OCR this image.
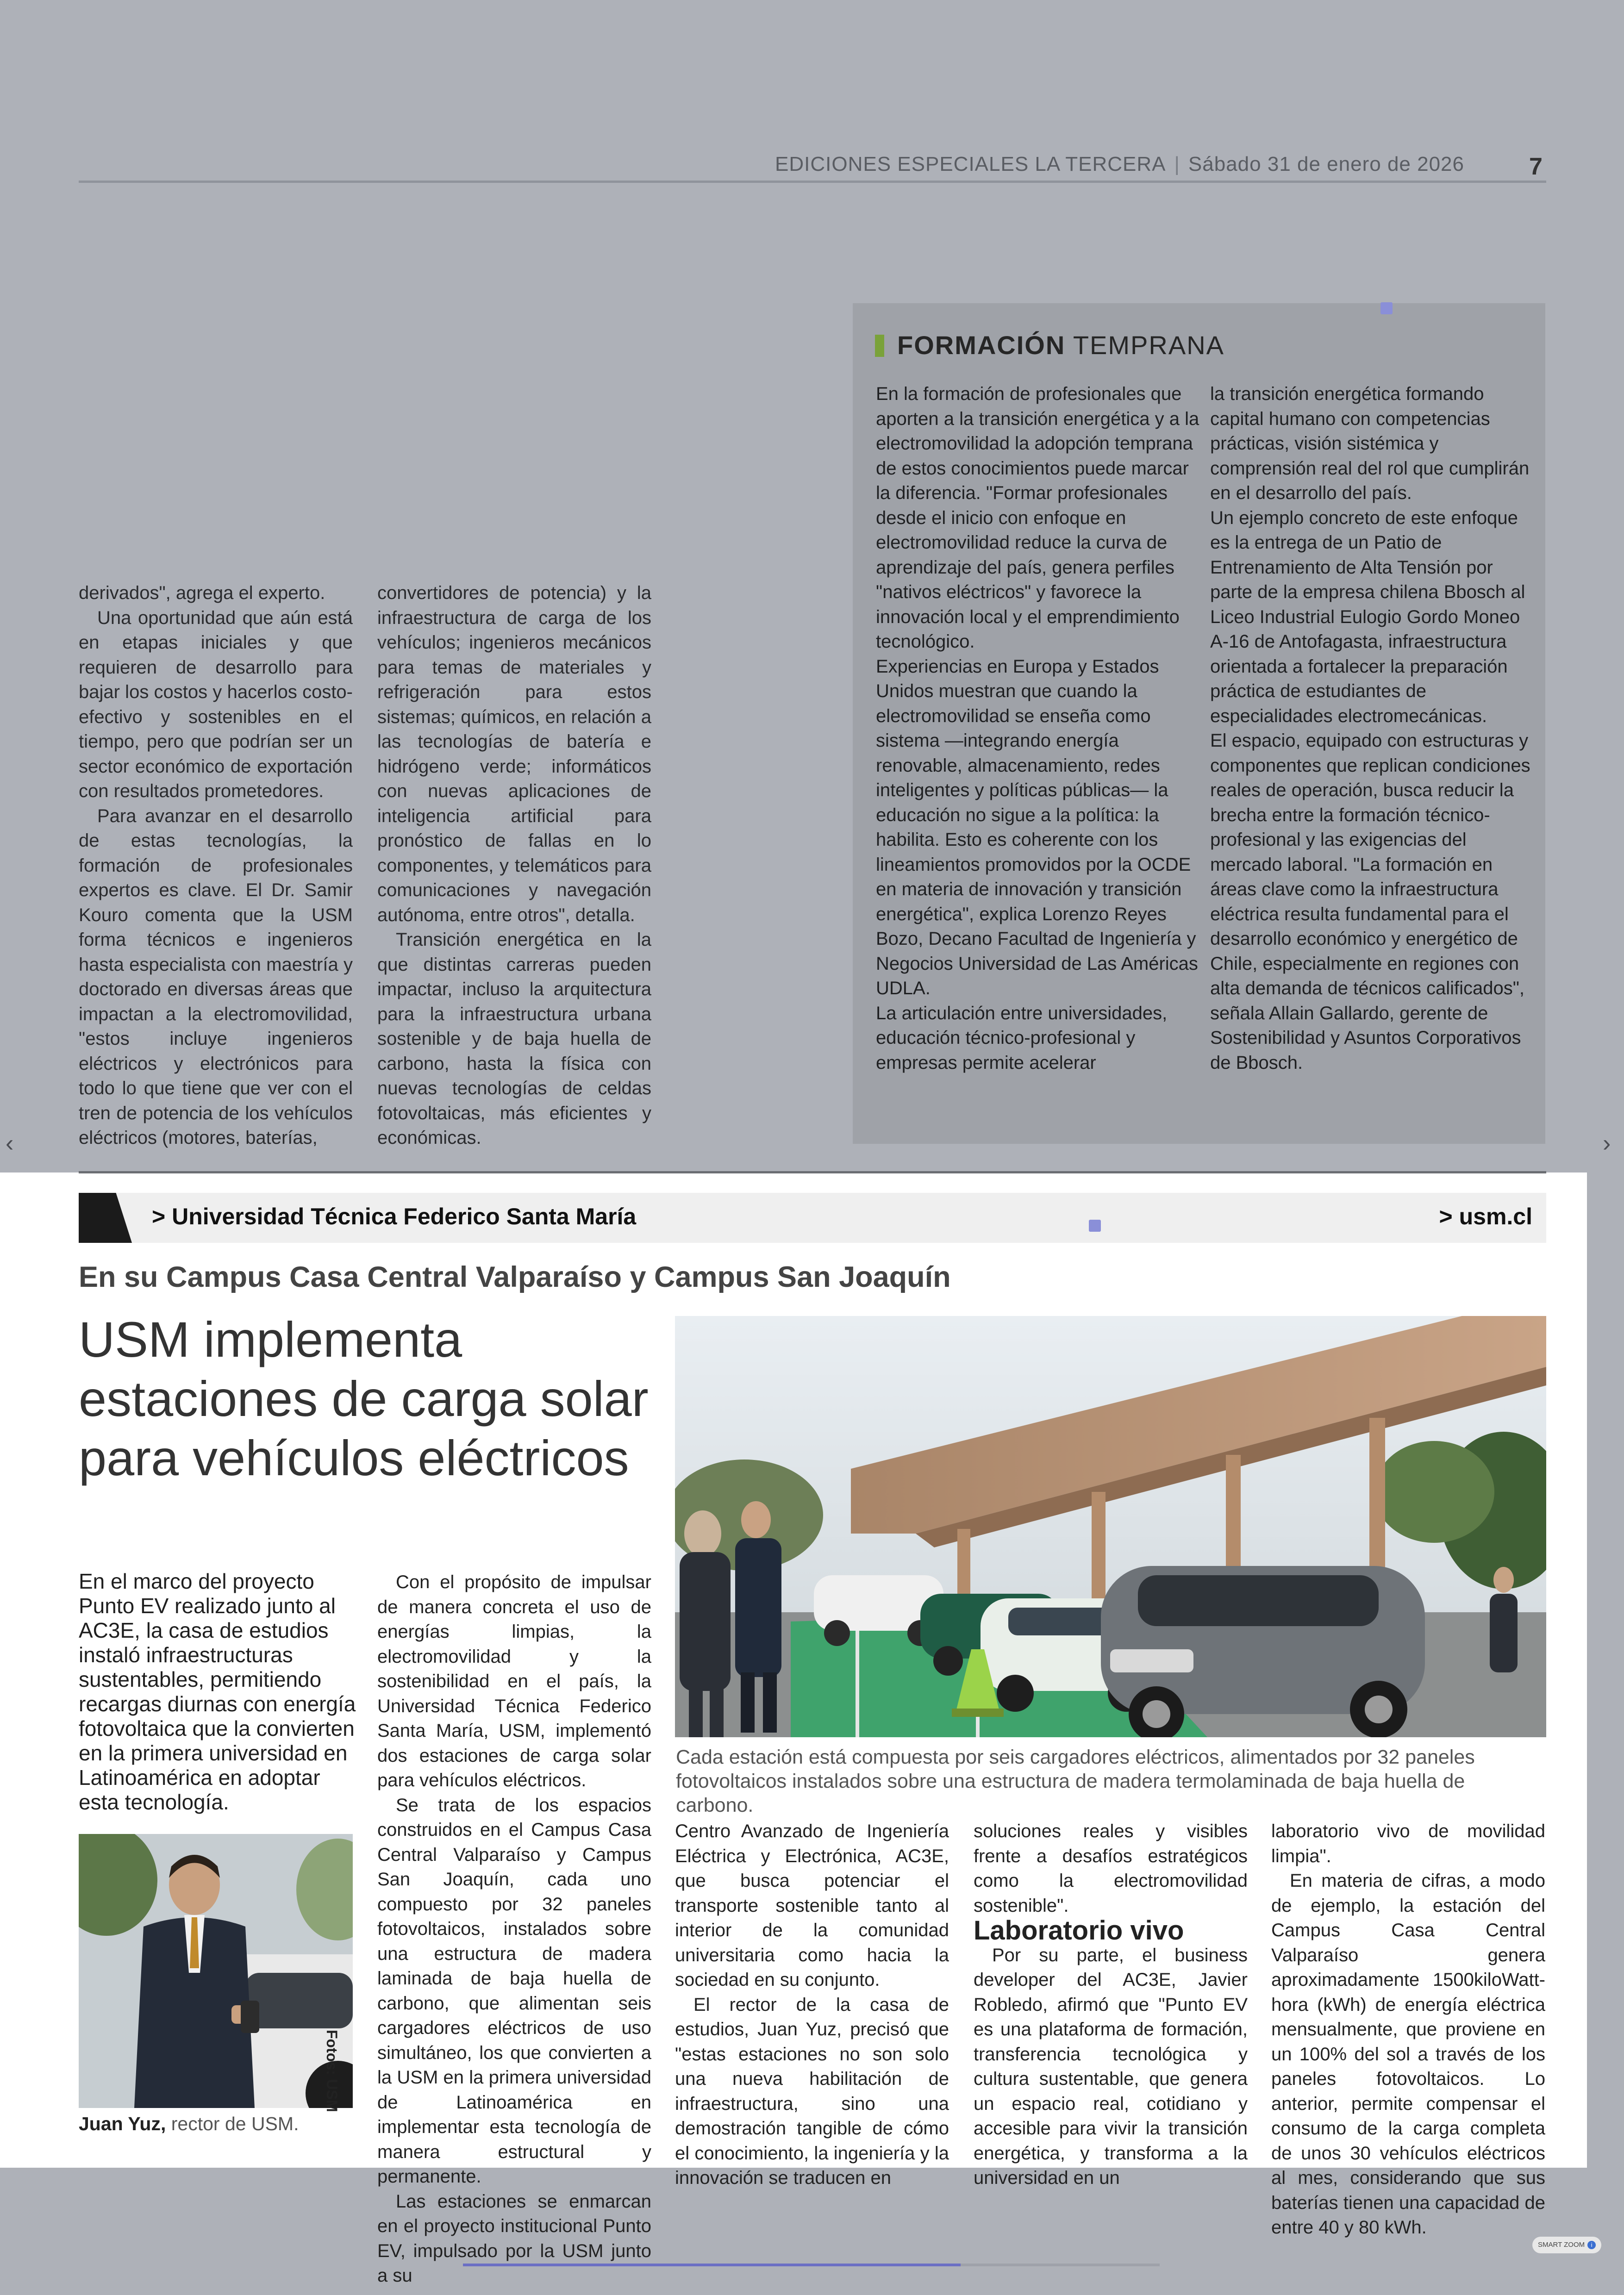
EDICIONES ESPECIALES LA TERCERA | Sábado 31 de enero de 2026	7

derivados", agrega el experto.

Una oportunidad que aún está en etapas iniciales y que requieren de desarrollo para bajar los costos y hacerlos costo-efectivo y sostenibles en el tiempo, pero que podrían ser un sector económico de exportación con resultados prometedores.

Para avanzar en el desarrollo de estas tecnologías, la formación de profesionales expertos es clave. El Dr. Samir Kouro comenta que la USM forma técnicos e ingenieros hasta especialista con maestría y doctorado en diversas áreas que impactan a la electromovilidad, "estos incluye ingenieros eléctricos y electrónicos para todo lo que tiene que ver con el tren de potencia de los vehículos eléctricos (motores, baterías,

convertidores de potencia) y la infraestructura de carga de los vehículos; ingenieros mecánicos para temas de materiales y refrigeración para estos sistemas; químicos, en relación a las tecnologías de batería e hidrógeno verde; informáticos con nuevas aplicaciones de inteligencia artificial para pronóstico de fallas en lo componentes, y telemáticos para comunicaciones y navegación autónoma, entre otros", detalla.

Transición energética en la que distintas carreras pueden impactar, incluso la arquitectura para la infraestructura urbana sostenible y de baja huella de carbono, hasta la física con nuevas tecnologías de celdas fotovoltaicas, más eficientes y económicas.

FORMACIÓN TEMPRANA

En la formación de profesionales que aporten a la transición energética y a la electromovilidad la adopción temprana de estos conocimientos puede marcar la diferencia. "Formar profesionales desde el inicio con enfoque en electromovilidad reduce la curva de aprendizaje del país, genera perfiles "nativos eléctricos" y favorece la innovación local y el emprendimiento tecnológico.

Experiencias en Europa y Estados Unidos muestran que cuando la electromovilidad se enseña como sistema —integrando energía renovable, almacenamiento, redes inteligentes y políticas públicas— la educación no sigue a la política: la habilita. Esto es coherente con los lineamientos promovidos por la OCDE en materia de innovación y transición energética", explica Lorenzo Reyes Bozo, Decano Facultad de Ingeniería y Negocios Universidad de Las Américas UDLA.

La articulación entre universidades, educación técnico-profesional y empresas permite acelerar

la transición energética formando capital humano con competencias prácticas, visión sistémica y comprensión real del rol que cumplirán en el desarrollo del país.

Un ejemplo concreto de este enfoque es la entrega de un Patio de Entrenamiento de Alta Tensión por parte de la empresa chilena Bbosch al Liceo Industrial Eulogio Gordo Moneo A-16 de Antofagasta, infraestructura orientada a fortalecer la preparación práctica de estudiantes de especialidades electromecánicas.

El espacio, equipado con estructuras y componentes que replican condiciones reales de operación, busca reducir la brecha entre la formación técnico-profesional y las exigencias del mercado laboral. "La formación en áreas clave como la infraestructura eléctrica resulta fundamental para el desarrollo económico y energético de Chile, especialmente en regiones con alta demanda de técnicos calificados", señala Allain Gallardo, gerente de Sostenibilidad y Asuntos Corporativos de Bbosch.

‹	›
> Universidad Técnica Federico Santa María	> usm.cl
En su Campus Casa Central Valparaíso y Campus San Joaquín
USM implementa estaciones de carga solar para vehículos eléctricos
En el marco del proyecto Punto EV realizado junto al AC3E, la casa de estudios instaló infraestructuras sustentables, permitiendo recargas diurnas con energía fotovoltaica que la convierten en la primera universidad en Latinoamérica en adoptar esta tecnología.
Cada estación está compuesta por seis cargadores eléctricos, alimentados por 32 paneles fotovoltaicos instalados sobre una estructura de madera termolaminada de baja huella de carbono.
Fotos: USM
Juan Yuz, rector de USM.

Con el propósito de impulsar de manera concreta el uso de energías limpias, la electromovilidad y la sostenibilidad en el país, la Universidad Técnica Federico Santa María, USM, implementó dos estaciones de carga solar para vehículos eléctricos.

Se trata de los espacios construidos en el Campus Casa Central Valparaíso y Campus San Joaquín, cada uno compuesto por 32 paneles fotovoltaicos, instalados sobre una estructura de madera laminada de baja huella de carbono, que alimentan seis cargadores eléctricos de uso simultáneo, los que convierten a la USM en la primera universidad de Latinoamérica en implementar esta tecnología de manera estructural y permanente.

Las estaciones se enmarcan en el proyecto institucional Punto EV, impulsado por la USM junto a su

Centro Avanzado de Ingeniería Eléctrica y Electrónica, AC3E, que busca potenciar el transporte sostenible tanto al interior de la comunidad universitaria como hacia la sociedad en su conjunto.

El rector de la casa de estudios, Juan Yuz, precisó que "estas estaciones no son solo una nueva habilitación de infraestructura, sino una demostración tangible de cómo el conocimiento, la ingeniería y la innovación se traducen en

soluciones reales y visibles frente a desafíos estratégicos como la electromovilidad sostenible".

Laboratorio vivo

Por su parte, el business developer del AC3E, Javier Robledo, afirmó que "Punto EV es una plataforma de formación, transferencia tecnológica y cultura sustentable, que genera un espacio real, cotidiano y accesible para vivir la transición energética, y transforma a la universidad en un

laboratorio vivo de movilidad limpia".

En materia de cifras, a modo de ejemplo, la estación del Campus Casa Central Valparaíso genera aproximadamente 1500kiloWatt-hora (kWh) de energía eléctrica mensualmente, que proviene en un 100% del sol a través de los paneles fotovoltaicos. Lo anterior, permite compensar el consumo de la carga completa de unos 30 vehículos eléctricos al mes, considerando que sus baterías tienen una capacidad de entre 40 y 80 kWh.

SMART ZOOM i
